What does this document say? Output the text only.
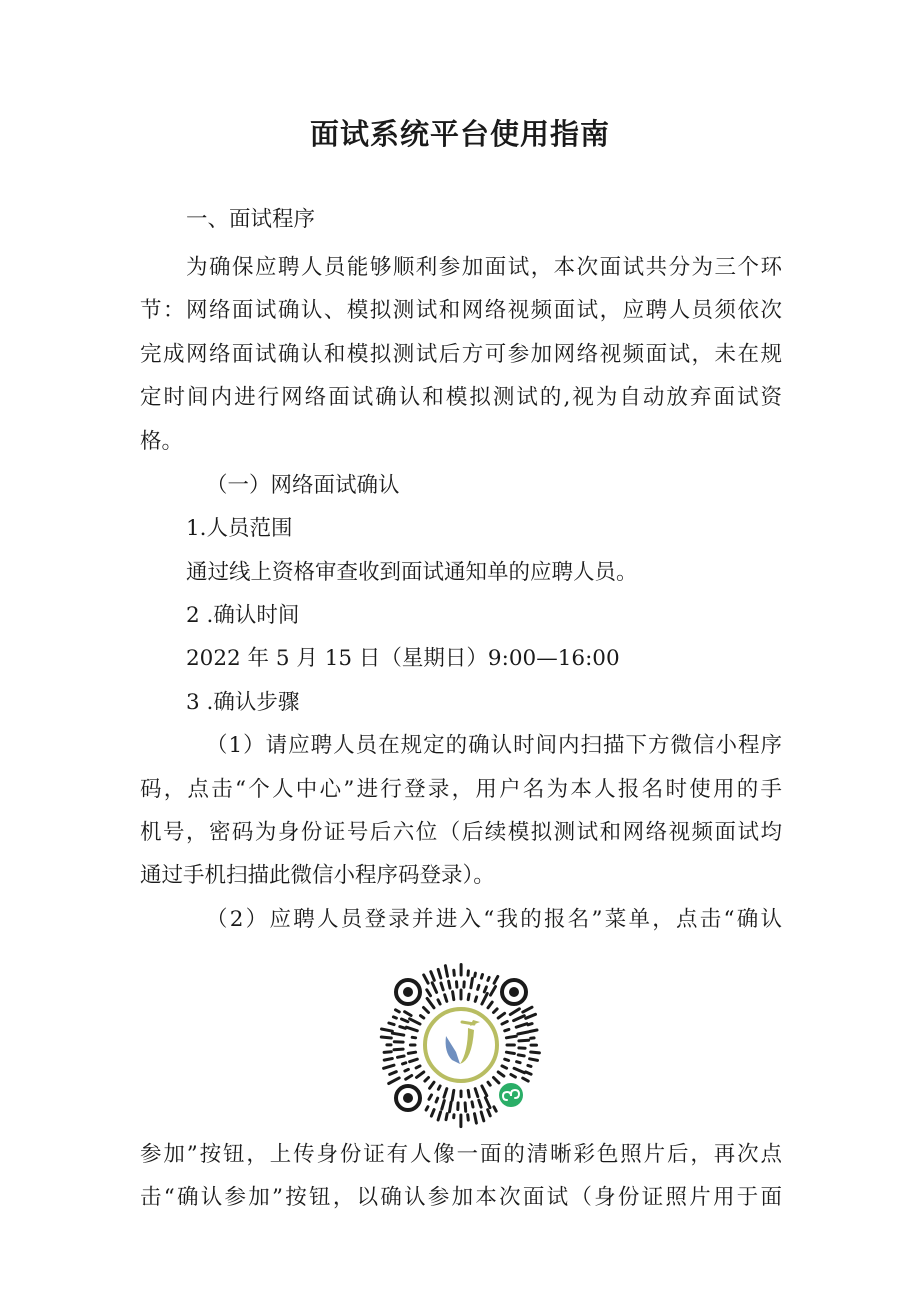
面试系统平台使用指南
一、面试程序
为确保应聘人员能够顺利参加面试，本次面试共分为三个环
节：网络面试确认、模拟测试和网络视频面试，应聘人员须依次
完成网络面试确认和模拟测试后方可参加网络视频面试，未在规
定时间内进行网络面试确认和模拟测试的,视为自动放弃面试资
格。
（一）网络面试确认
1.人员范围
通过线上资格审查收到面试通知单的应聘人员。
2 .确认时间
2022 年 5 月 15 日（星期日）9:00—16:00
3 .确认步骤
（1）请应聘人员在规定的确认时间内扫描下方微信小程序
码，点击“个人中心”进行登录，用户名为本人报名时使用的手
机号，密码为身份证号后六位（后续模拟测试和网络视频面试均
通过手机扫描此微信小程序码登录）。
（2）应聘人员登录并进入“我的报名”菜单，点击“确认
参加”按钮，上传身份证有人像一面的清晰彩色照片后，再次点
击“确认参加”按钮，以确认参加本次面试（身份证照片用于面
